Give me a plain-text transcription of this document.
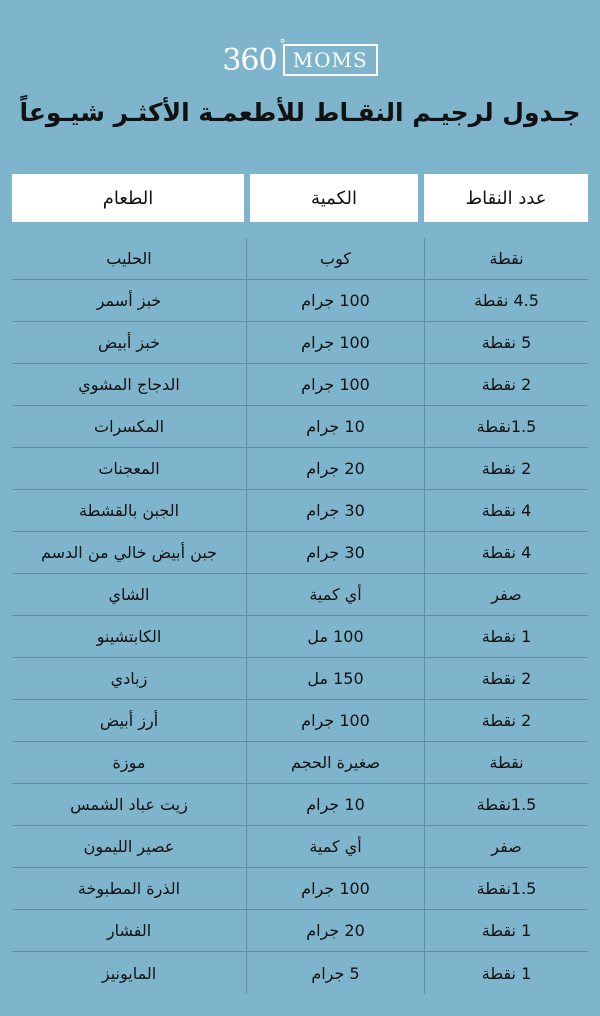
360 °
MOMS
جـدول لرجيـم النقـاط للأطعمـة الأكثـر شيـوعاً
عدد النقاط
الكمية
الطعام
نقطة
كوب
الحليب
4.5 نقطة
100 جرام
خبز أسمر
5 نقطة
100 جرام
خبز أبيض
2 نقطة
100 جرام
الدجاج المشوي
1.5نقطة
10 جرام
المكسرات
2 نقطة
20 جرام
المعجنات
4 نقطة
30 جرام
الجبن بالقشطة
4 نقطة
30 جرام
جبن أبيض خالي من الدسم
صفر
أي كمية
الشاي
1 نقطة
100 مل
الكابتشينو
2 نقطة
150 مل
زبادي
2 نقطة
100 جرام
أرز أبيض
نقطة
صغيرة الحجم
موزة
1.5نقطة
10 جرام
زيت عباد الشمس
صفر
أي كمية
عصير الليمون
1.5نقطة
100 جرام
الذرة المطبوخة
1 نقطة
20 جرام
الفشار
1 نقطة
5 جرام
المايونيز
